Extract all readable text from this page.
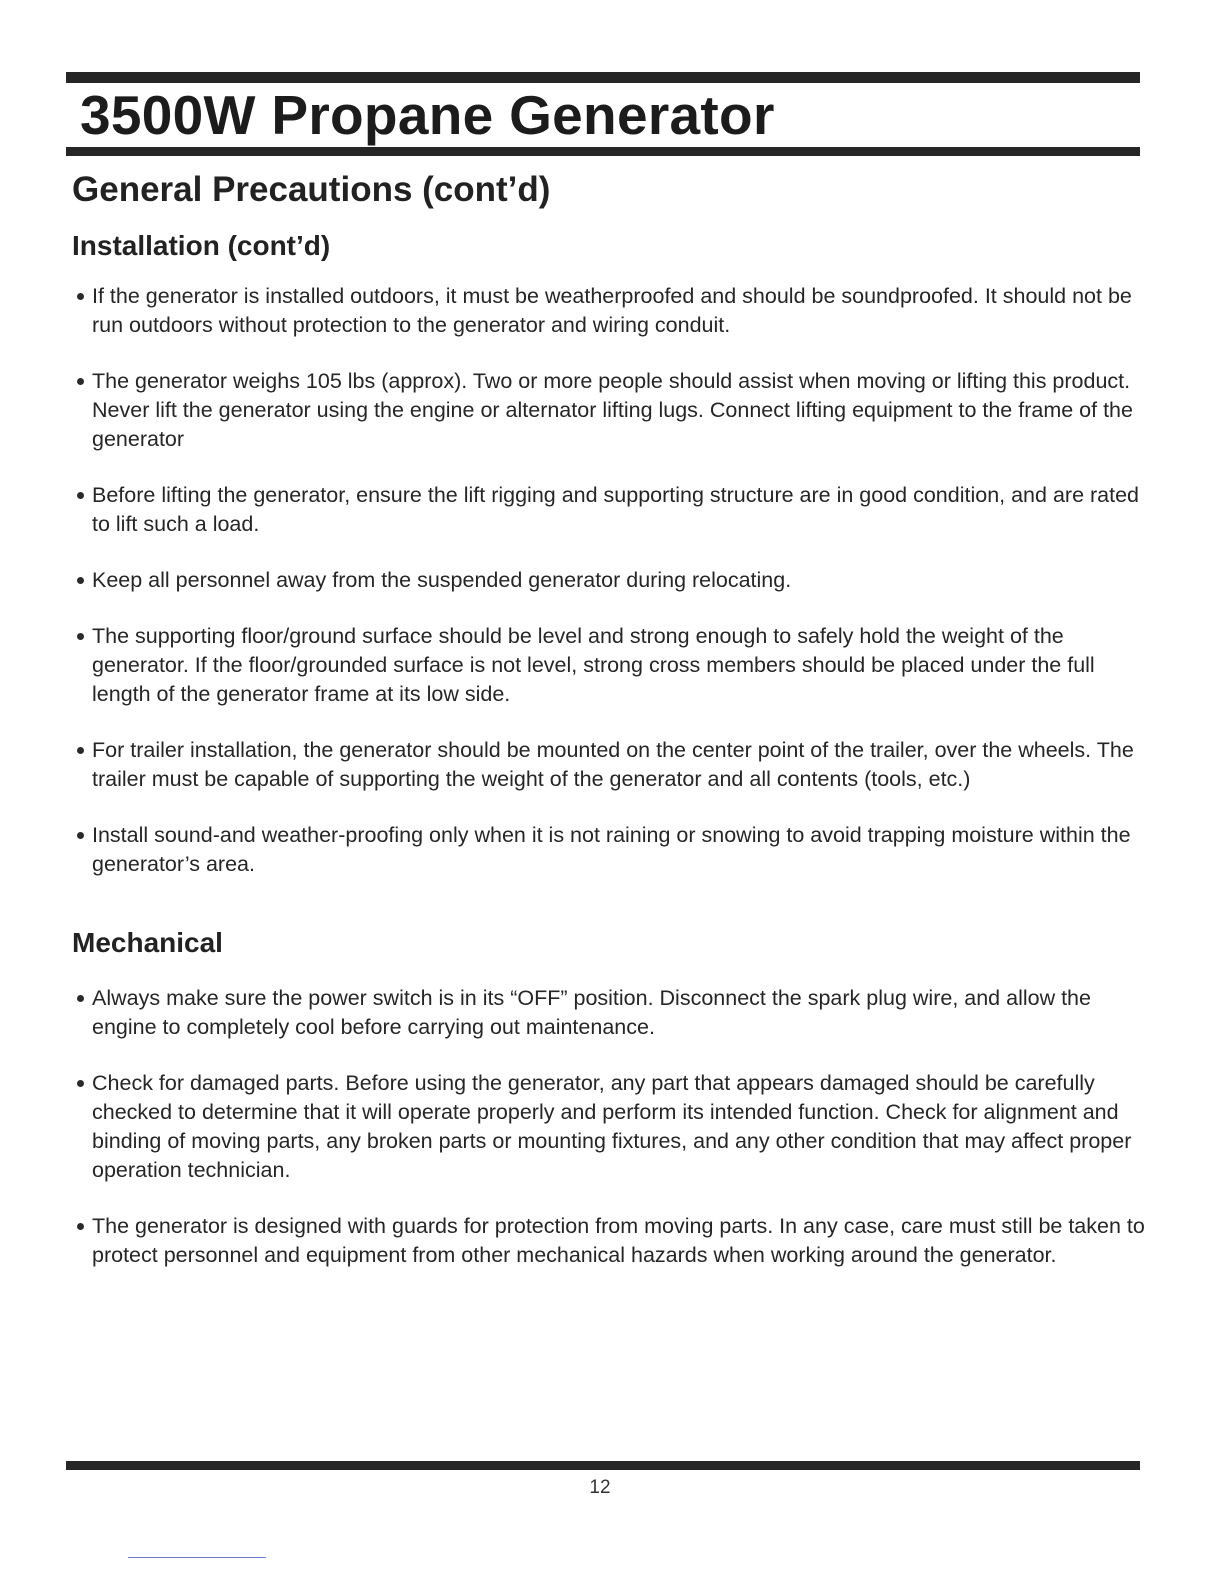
3500W Propane Generator
General Precautions (cont’d)
Installation (cont’d)
If the generator is installed outdoors, it must be weatherproofed and should be soundproofed. It should not be run outdoors without protection to the generator and wiring conduit.
The generator weighs 105 lbs (approx). Two or more people should assist when moving or lifting this product. Never lift the generator using the engine or alternator lifting lugs. Connect lifting equipment to the frame of the generator
Before lifting the generator, ensure the lift rigging and supporting structure are in good condition, and are rated to lift such a load.
Keep all personnel away from the suspended generator during relocating.
The supporting floor/ground surface should be level and strong enough to safely hold the weight of the generator. If the floor/grounded surface is not level, strong cross members should be placed under the full length of the generator frame at its low side.
For trailer installation, the generator should be mounted on the center point of the trailer, over the wheels. The trailer must be capable of supporting the weight of the generator and all contents (tools, etc.)
Install sound-and weather-proofing only when it is not raining or snowing to avoid trapping moisture within the generator’s area.
Mechanical
Always make sure the power switch is in its “OFF” position. Disconnect the spark plug wire, and allow the engine to completely cool before carrying out maintenance.
Check for damaged parts. Before using the generator, any part that appears damaged should be carefully checked to determine that it will operate properly and perform its intended function. Check for alignment and binding of moving parts, any broken parts or mounting fixtures, and any other condition that may affect proper operation technician.
The generator is designed with guards for protection from moving parts. In any case, care must still be taken to protect personnel and equipment from other mechanical hazards when working around the generator.
12
